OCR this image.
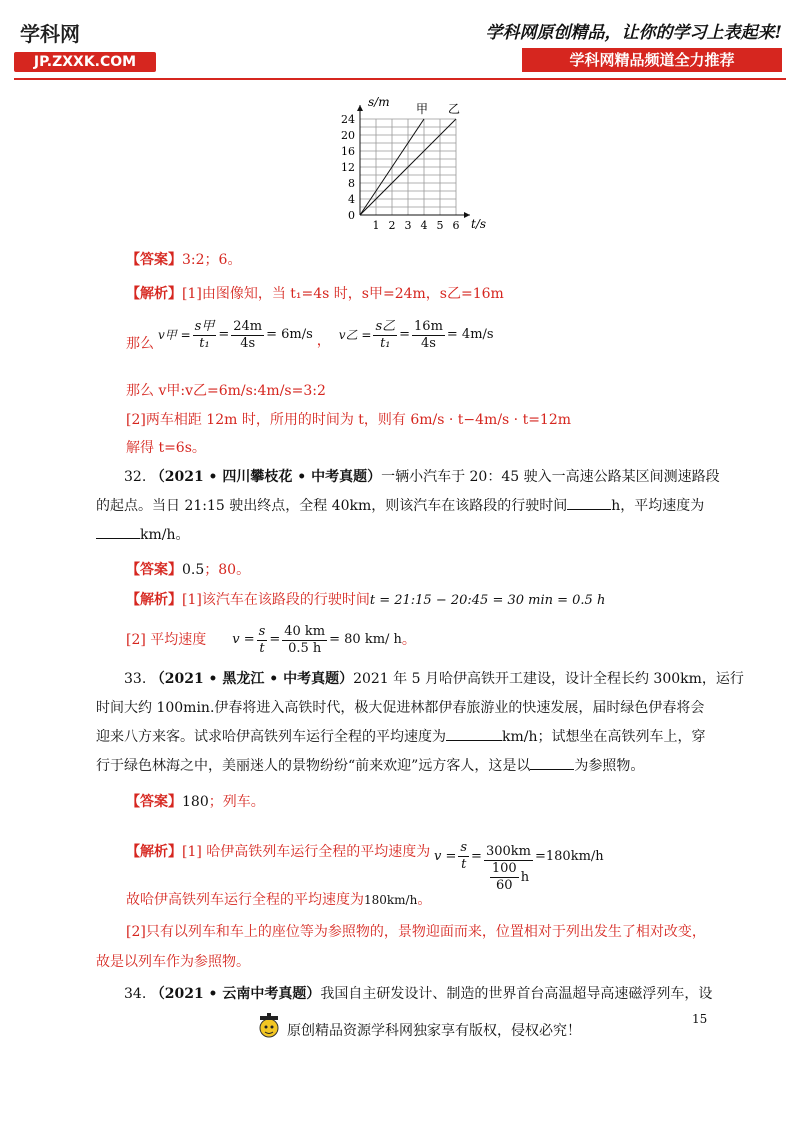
学科网
JP.ZXXK.COM
学科网原创精品，让你的学习上表起来!
学科网精品频道全力推荐
1 2 3 4 5 6
0
4
8
12
16
20
24
甲 乙
s/m
t/s
【答案】3:2；6。
【解析】[1]由图像知，当 t₁=4s 时，s甲=24m，s乙=16m
那么
v甲 = $\frac{\text{s甲}}{\text{t₁}} = \frac{24m}{4s} = 6m/s$ ， v乙 = $\frac{\text{s乙}}{\text{t₁}} = \frac{16m}{4s} = 4m/s$
那么 v甲:v乙=6m/s:4m/s=3:2
[2]两车相距 12m 时，所用的时间为 t，则有 6m/s · t−4m/s · t=12m
解得 t=6s。
32. （2021 • 四川攀枝花 • 中考真题）一辆小汽车于 20：45 驶入一高速公路某区间测速路段
的起点。当日 21:15 驶出终点，全程 40km，则该汽车在该路段的行驶时间	h，平均速度为
km/h。
【答案】0.5；80。
【解析】[1]该汽车在该路段的行驶时间t = 21:15 − 20:45 = 30 min = 0.5 h
[2] 平均速度 $v = \frac{s}{t} = \frac{40 km}{0.5 h} = 80$ km/ h 。
33. （2021 • 黑龙江 • 中考真题）2021 年 5 月哈伊高铁开工建设，设计全程长约 300km，运行
时间大约 100min.伊春将进入高铁时代，极大促进林都伊春旅游业的快速发展，届时绿色伊春将会
迎来八方来客。试求哈伊高铁列车运行全程的平均速度为	km/h；试想坐在高铁列车上，穿
行于绿色林海之中，美丽迷人的景物纷纷“前来欢迎”远方客人，这是以	为参照物。
【答案】180；列车。
【解析】[1] 哈伊高铁列车运行全程的平均速度为 $v = \frac{s}{t} = \frac{300km}{\frac{100}{60} h} =180km/h$
故哈伊高铁列车运行全程的平均速度为180km/h。
[2]只有以列车和车上的座位等为参照物的，景物迎面而来，位置相对于列出发生了相对改变，
故是以列车作为参照物。
34. （2021 • 云南中考真题）我国自主研发设计、制造的世界首台高温超导高速磁浮列车，设
15
原创精品资源学科网独家享有版权，侵权必究！
